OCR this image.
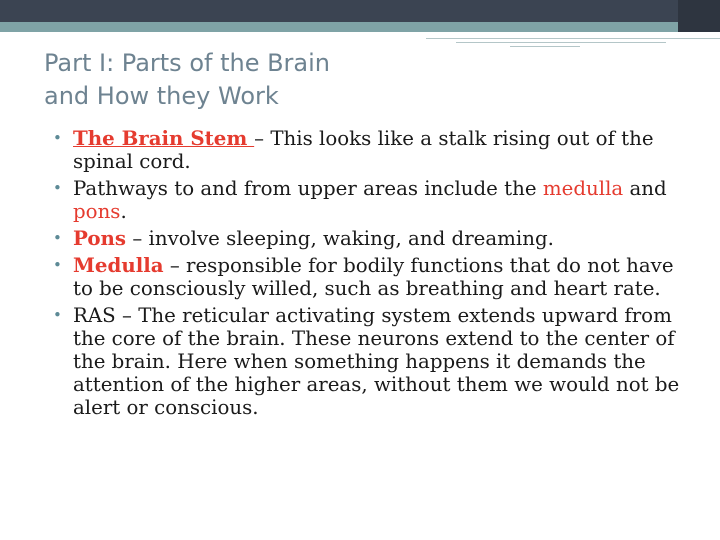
Part I: Parts of the Brain
and How they Work
• The Brain Stem – This looks like a stalk rising out of the spinal cord.
• Pathways to and from upper areas include the medulla and pons.
• Pons – involve sleeping, waking, and dreaming.
• Medulla – responsible for bodily functions that do not have to be consciously willed, such as breathing and heart rate.
• RAS – The reticular activating system extends upward from the core of the brain. These neurons extend to the center of the brain. Here when something happens it demands the attention of the higher areas, without them we would not be alert or conscious.
